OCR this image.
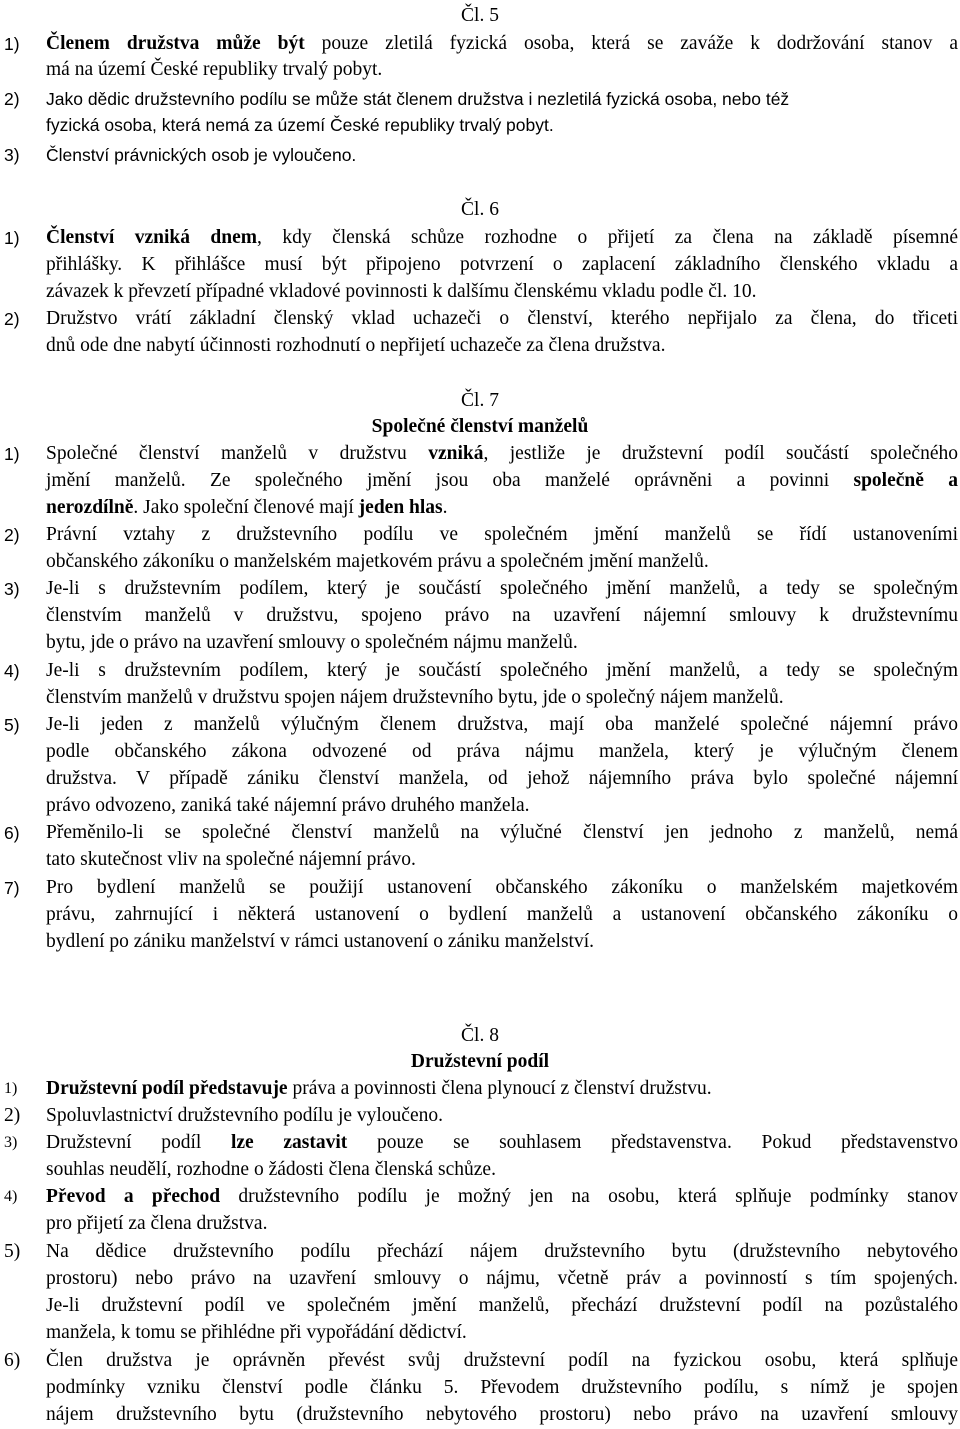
Čl. 5
1) Členem družstva může být pouze zletilá fyzická osoba, která se zaváže k dodržování stanov a
má na území České republiky trvalý pobyt.
2) Jako dědic družstevního podílu se může stát členem družstva i nezletilá fyzická osoba, nebo též
fyzická osoba, která nemá za území České republiky trvalý pobyt.
3) Členství právnických osob je vyloučeno.
Čl. 6
1) Členství vzniká dnem, kdy členská schůze rozhodne o přijetí za člena na základě písemné
přihlášky. K přihlášce musí být připojeno potvrzení o zaplacení základního členského vkladu a
závazek k převzetí případné vkladové povinnosti k dalšímu členskému vkladu podle čl. 10.
2) Družstvo vrátí základní členský vklad uchazeči o členství, kterého nepřijalo za člena, do třiceti
dnů ode dne nabytí účinnosti rozhodnutí o nepřijetí uchazeče za člena družstva.
Čl. 7
Společné členství manželů
1) Společné členství manželů v družstvu vzniká, jestliže je družstevní podíl součástí společného
jmění manželů. Ze společného jmění jsou oba manželé oprávněni a povinni společně a
nerozdílně. Jako společní členové mají jeden hlas.
2) Právní vztahy z družstevního podílu ve společném jmění manželů se řídí ustanoveními
občanského zákoníku o manželském majetkovém právu a společném jmění manželů.
3) Je-li s družstevním podílem, který je součástí společného jmění manželů, a tedy se společným
členstvím manželů v družstvu, spojeno právo na uzavření nájemní smlouvy k družstevnímu
bytu, jde o právo na uzavření smlouvy o společném nájmu manželů.
4) Je-li s družstevním podílem, který je součástí společného jmění manželů, a tedy se společným
členstvím manželů v družstvu spojen nájem družstevního bytu, jde o společný nájem manželů.
5) Je-li jeden z manželů výlučným členem družstva, mají oba manželé společné nájemní právo
podle občanského zákona odvozené od práva nájmu manžela, který je výlučným členem
družstva. V případě zániku členství manžela, od jehož nájemního práva bylo společné nájemní
právo odvozeno, zaniká také nájemní právo druhého manžela.
6) Přeměnilo-li se společné členství manželů na výlučné členství jen jednoho z manželů, nemá
tato skutečnost vliv na společné nájemní právo.
7) Pro bydlení manželů se použijí ustanovení občanského zákoníku o manželském majetkovém
právu, zahrnující i některá ustanovení o bydlení manželů a ustanovení občanského zákoníku o
bydlení po zániku manželství v rámci ustanovení o zániku manželství.
Čl. 8
Družstevní podíl
1) Družstevní podíl představuje práva a povinnosti člena plynoucí z členství družstvu.
2) Spoluvlastnictví družstevního podílu je vyloučeno.
3) Družstevní podíl lze zastavit pouze se souhlasem představenstva. Pokud představenstvo
souhlas neudělí, rozhodne o žádosti člena členská schůze.
4) Převod a přechod družstevního podílu je možný jen na osobu, která splňuje podmínky stanov
pro přijetí za člena družstva.
5) Na dědice družstevního podílu přechází nájem družstevního bytu (družstevního nebytového
prostoru) nebo právo na uzavření smlouvy o nájmu, včetně práv a povinností s tím spojených.
Je-li družstevní podíl ve společném jmění manželů, přechází družstevní podíl na pozůstalého
manžela, k tomu se přihlédne při vypořádání dědictví.
6) Člen družstva je oprávněn převést svůj družstevní podíl na fyzickou osobu, která splňuje
podmínky vzniku členství podle článku 5. Převodem družstevního podílu, s nímž je spojen
nájem družstevního bytu (družstevního nebytového prostoru) nebo právo na uzavření smlouvy
